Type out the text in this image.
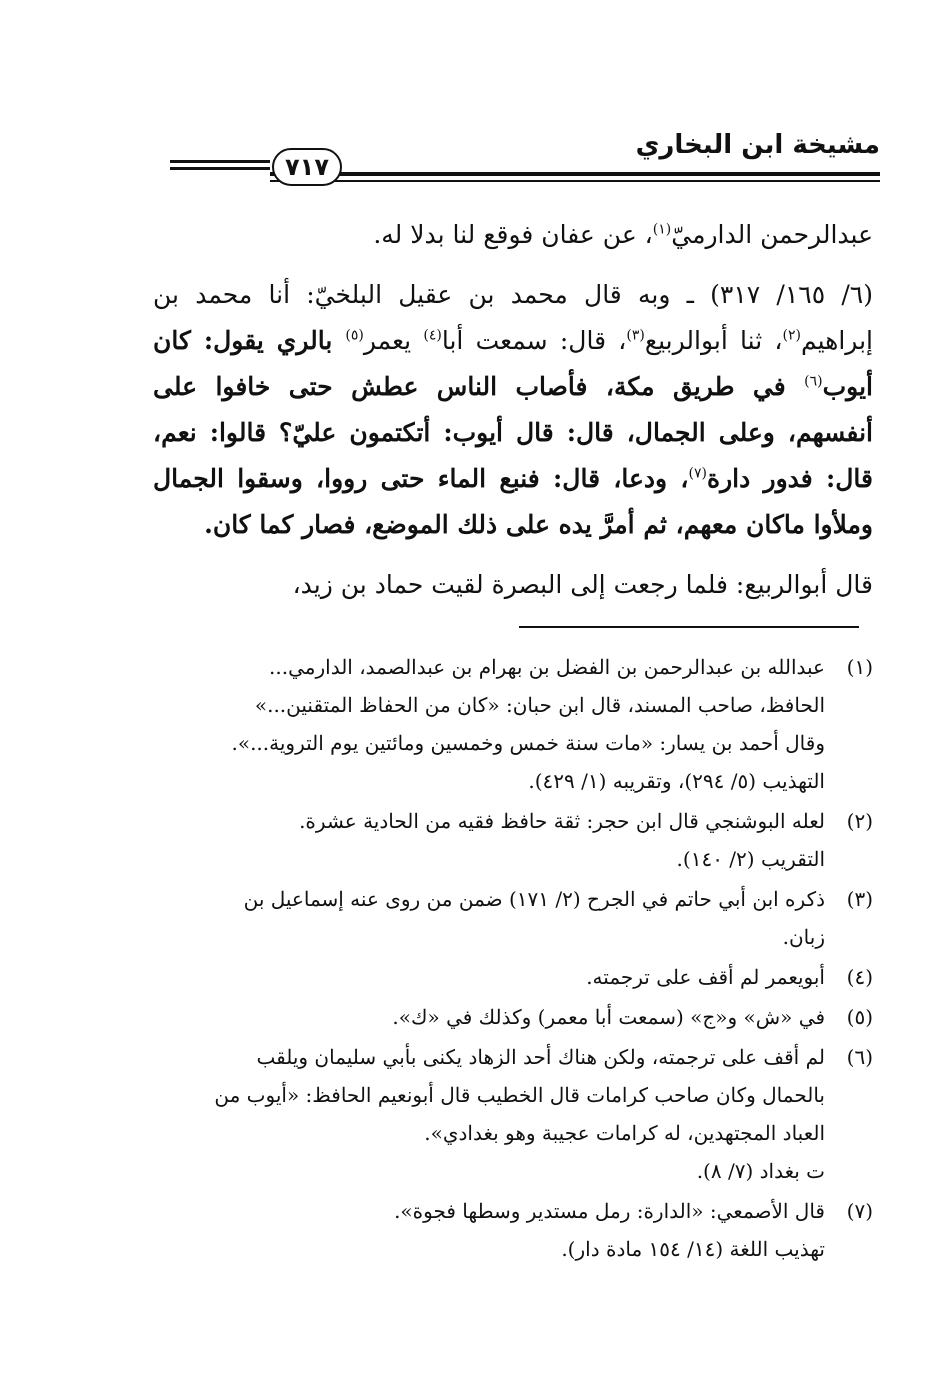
مشيخة ابن البخاري
٧١٧

عبدالرحمن الدارميّ$^{(١)}$، عن عفان فوقع لنا بدلا له.

(٦/ ١٦٥/ ٣١٧) ـ وبه قال محمد بن عقيل البلخيّ: أنا محمد بن إبراهيم$^{(٢)}$، ثنا أبوالربيع$^{(٣)}$، قال: سمعت أبا$^{(٤)}$ يعمر$^{(٥)}$ بالري يقول: كان أيوب$^{(٦)}$ في طريق مكة، فأصاب الناس عطش حتى خافوا على أنفسهم، وعلى الجمال، قال: قال أيوب: أتكتمون عليّ؟ قالوا: نعم، قال: فدور دارة$^{(٧)}$، ودعا، قال: فنبع الماء حتى رووا، وسقوا الجمال وملأوا ماكان معهم، ثم أمرَّ يده على ذلك الموضع، فصار كما كان.

قال أبوالربيع: فلما رجعت إلى البصرة لقيت حماد بن زيد،

(١)
عبدالله بن عبدالرحمن بن الفضل بن بهرام بن عبدالصمد، الدارمي...
الحافظ، صاحب المسند، قال ابن حبان: «كان من الحفاظ المتقنين...»
وقال أحمد بن يسار: «مات سنة خمس وخمسين ومائتين يوم التروية...».
التهذيب (٥/ ٢٩٤)، وتقريبه (١/ ٤٢٩).
(٢)
لعله البوشنجي قال ابن حجر: ثقة حافظ فقيه من الحادية عشرة.
التقريب (٢/ ١٤٠).
(٣)
ذكره ابن أبي حاتم في الجرح (٢/ ١٧١) ضمن من روى عنه إسماعيل بن
زبان.
(٤)
أبويعمر لم أقف على ترجمته.
(٥)
في «ش» و«ج» (سمعت أبا معمر) وكذلك في «ك».
(٦)
لم أقف على ترجمته، ولكن هناك أحد الزهاد يكنى بأبي سليمان ويلقب
بالحمال وكان صاحب كرامات قال الخطيب قال أبونعيم الحافظ: «أيوب من
العباد المجتهدين، له كرامات عجيبة وهو بغدادي».
ت بغداد (٧/ ٨).
(٧)
قال الأصمعي: «الدارة: رمل مستدير وسطها فجوة».
تهذيب اللغة (١٤/ ١٥٤ مادة دار).
